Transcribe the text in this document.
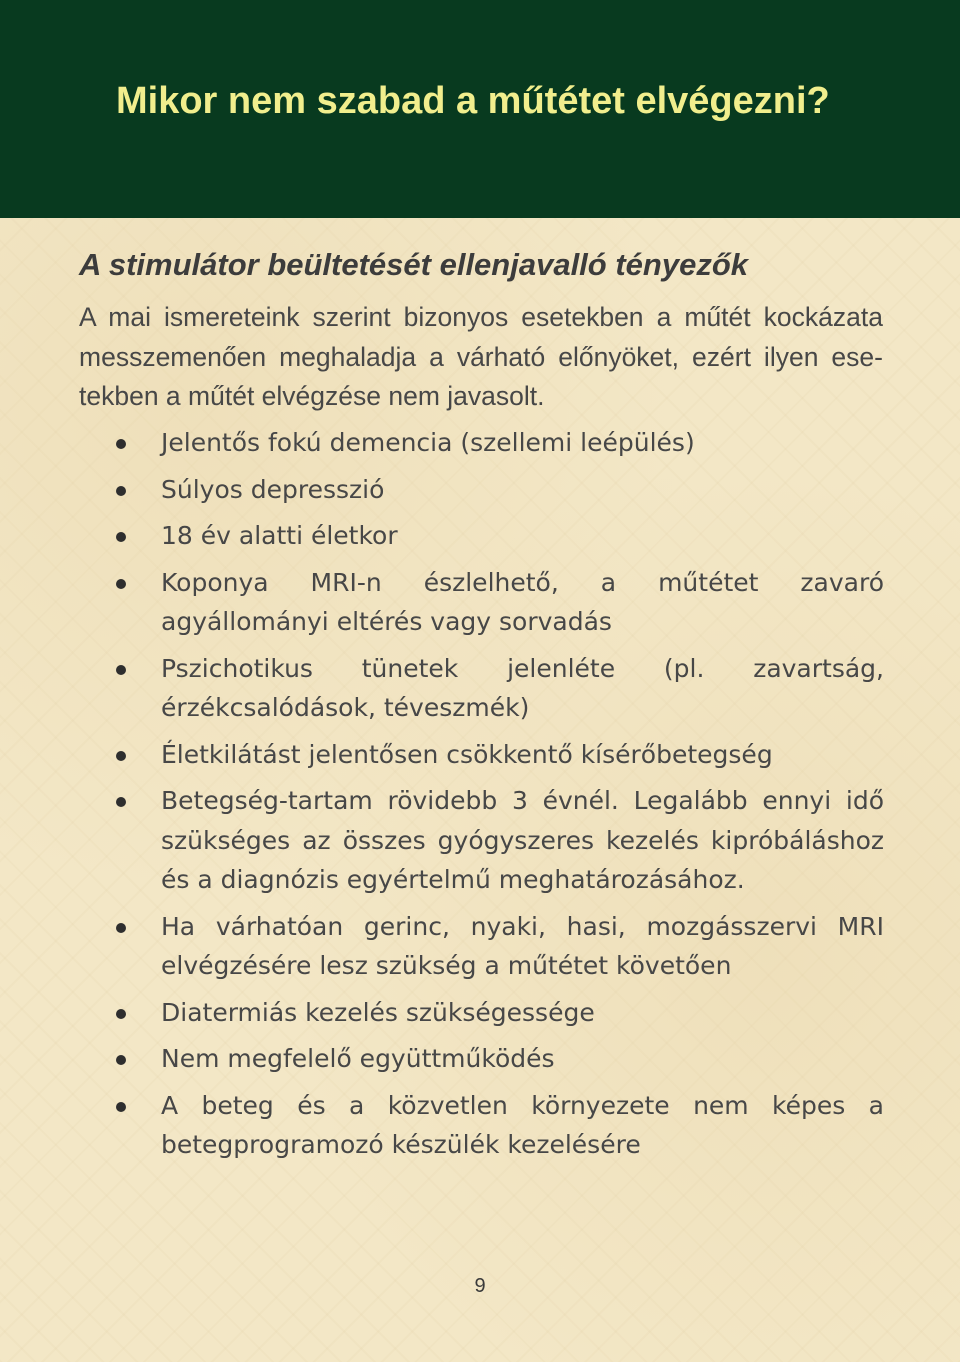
Mikor nem szabad a műtétet elvégezni?
A stimulátor beültetését ellenjavalló tényezők

A mai ismereteink szerint bizonyos esetekben a műtét kockázata messzemenően meghaladja a várható előnyöket, ezért ilyen esetekben a műtét elvégzése nem javasolt.

Jelentős fokú demencia (szellemi leépülés)
Súlyos depresszió
18 év alatti életkor
Koponya MRI-n észlelhető, a műtétet zavaró agyállományi eltérés vagy sorvadás
Pszichotikus tünetek jelenléte (pl. zavartság, érzékcsalódások, téveszmék)
Életkilátást jelentősen csökkentő kísérőbetegség
Betegség-tartam rövidebb 3 évnél. Legalább ennyi idő szükséges az összes gyógyszeres kezelés kipróbáláshoz és a diagnózis egyértelmű meghatározásához.
Ha várhatóan gerinc, nyaki, hasi, mozgásszervi MRI elvégzésére lesz szükség a műtétet követően
Diatermiás kezelés szükségessége
Nem megfelelő együttműködés
A beteg és a közvetlen környezete nem képes a betegprogramozó készülék kezelésére
9
